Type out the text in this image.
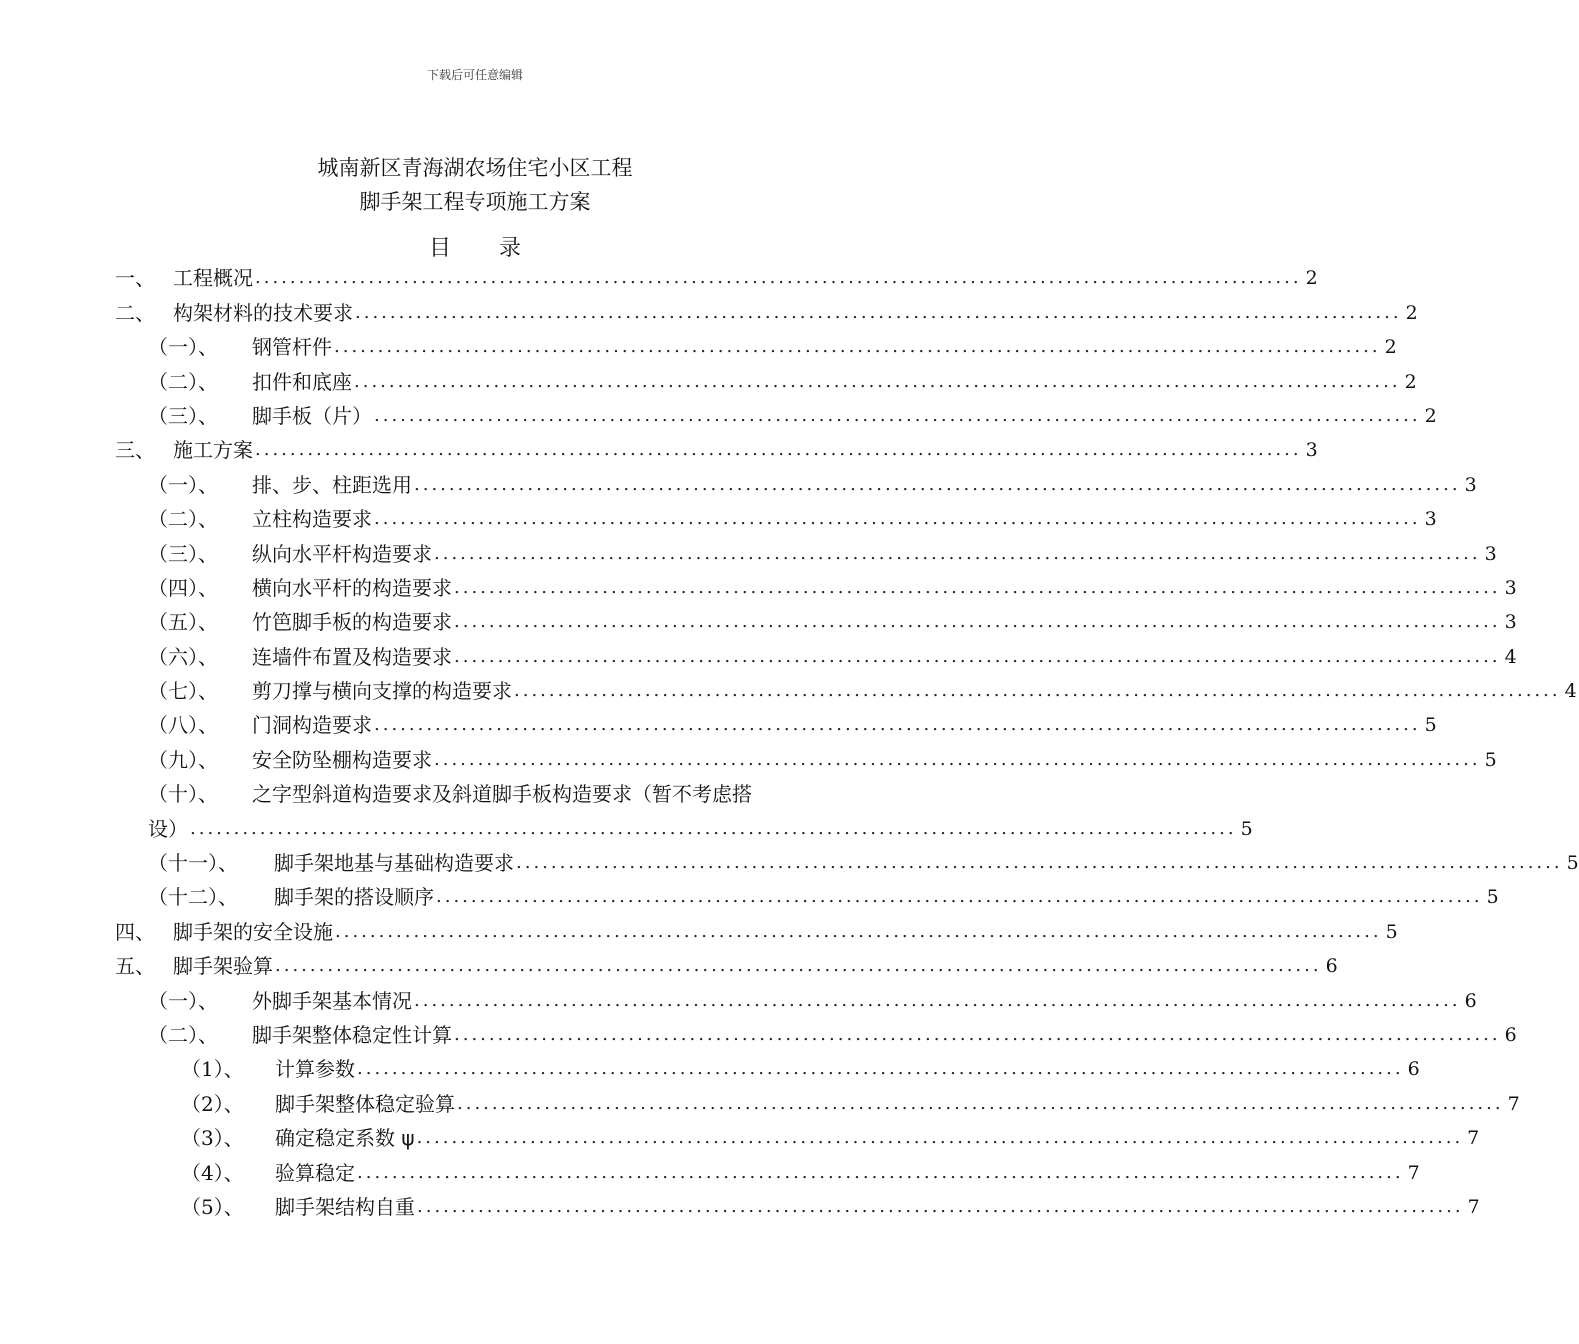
下载后可任意编辑
城南新区青海湖农场住宅小区工程
脚手架工程专项施工方案
目 录
一、 工程概况 ........................................................................................................................ 2
二、 构架材料的技术要求 ........................................................................................................................ 2
（一）、	钢管杆件 ........................................................................................................................ 2
（二）、	扣件和底座 ........................................................................................................................ 2
（三）、	脚手板（片） ........................................................................................................................ 2
三、 施工方案 ........................................................................................................................ 3
（一）、	排、步、柱距选用 ........................................................................................................................ 3
（二）、	立柱构造要求 ........................................................................................................................ 3
（三）、	纵向水平杆构造要求 ........................................................................................................................ 3
（四）、	横向水平杆的构造要求 ........................................................................................................................ 3
（五）、	竹笆脚手板的构造要求 ........................................................................................................................ 3
（六）、	连墙件布置及构造要求 ........................................................................................................................ 4
（七）、	剪刀撑与横向支撑的构造要求 ........................................................................................................................ 4
（八）、	门洞构造要求 ........................................................................................................................ 5
（九）、	安全防坠棚构造要求 ........................................................................................................................ 5
（十）、	之字型斜道构造要求及斜道脚手板构造要求（暂不考虑搭
设） ........................................................................................................................ 5
（十一）、	脚手架地基与基础构造要求 ........................................................................................................................ 5
（十二）、	脚手架的搭设顺序 ........................................................................................................................ 5
四、 脚手架的安全设施 ........................................................................................................................ 5
五、 脚手架验算 ........................................................................................................................ 6
（一）、	外脚手架基本情况 ........................................................................................................................ 6
（二）、	脚手架整体稳定性计算 ........................................................................................................................ 6
（1）、	计算参数 ........................................................................................................................ 6
（2）、	脚手架整体稳定验算 ........................................................................................................................ 7
（3）、	确定稳定系数 ψ ........................................................................................................................ 7
（4）、	验算稳定 ........................................................................................................................ 7
（5）、	脚手架结构自重 ........................................................................................................................ 7
